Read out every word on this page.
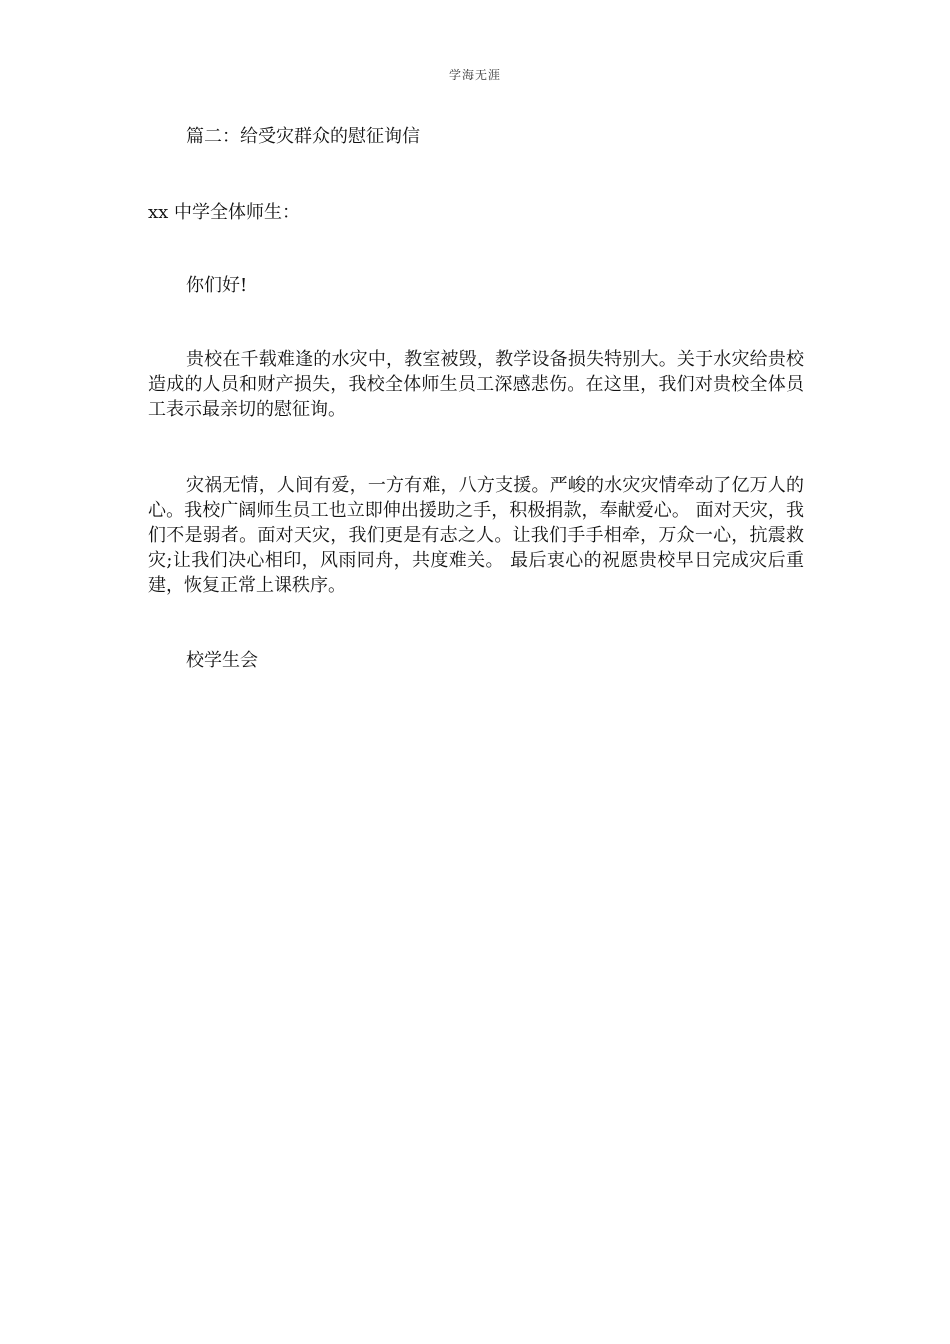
学海无涯

篇二：给受灾群众的慰征询信

xx 中学全体师生：

你们好!

贵校在千载难逢的水灾中，教室被毁，教学设备损失特别大。关于水灾给贵校造成的人员和财产损失，我校全体师生员工深感悲伤。在这里，我们对贵校全体员工表示最亲切的慰征询。

灾祸无情，人间有爱，一方有难，八方支援。严峻的水灾灾情牵动了亿万人的心。我校广阔师生员工也立即伸出援助之手，积极捐款，奉献爱心。 面对天灾，我们不是弱者。面对天灾，我们更是有志之人。让我们手手相牵，万众一心，抗震救灾;让我们决心相印，风雨同舟，共度难关。 最后衷心的祝愿贵校早日完成灾后重建，恢复正常上课秩序。

校学生会
